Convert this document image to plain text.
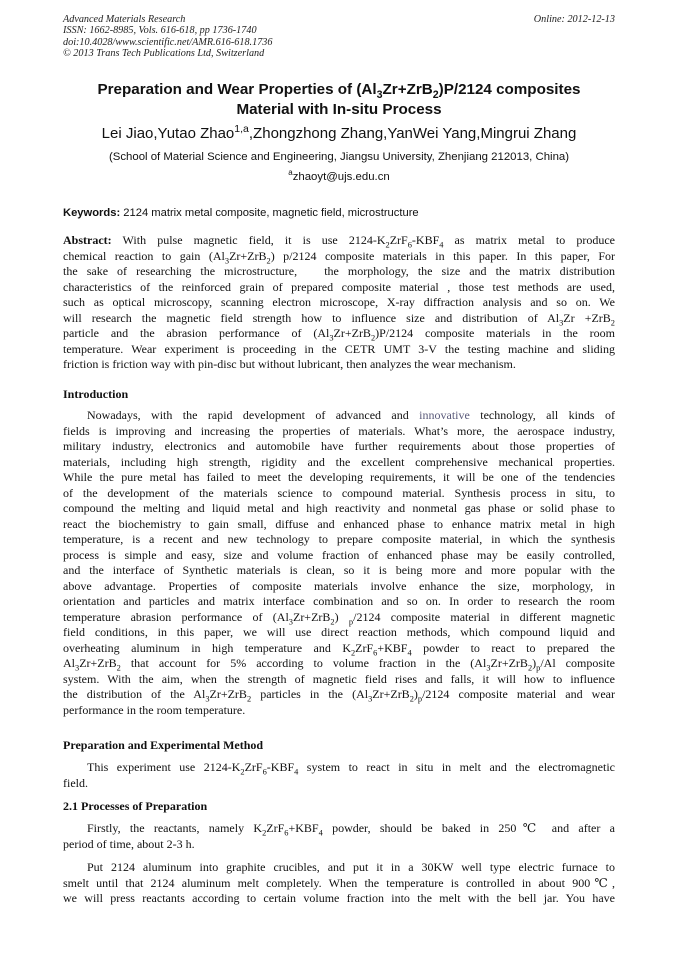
Advanced Materials Research
ISSN: 1662-8985, Vols. 616-618, pp 1736-1740
doi:10.4028/www.scientific.net/AMR.616-618.1736
© 2013 Trans Tech Publications Ltd, Switzerland
Online: 2012-12-13
Preparation and Wear Properties of $(Al_3Zr+ZrB_2)P/2124$ composites
Material with In-situ Process
Lei Jiao,Yutao Zhao$^{1,a}$,Zhongzhong Zhang,YanWei Yang,Mingrui Zhang
(School of Material Science and Engineering, Jiangsu University, Zhenjiang 212013, China)
$^a$zhaoyt@ujs.edu.cn
Keywords: 2124 matrix metal composite, magnetic field, microstructure
Abstract: With pulse magnetic field, it is use $2124-K_2ZrF_6-KBF_4$ as matrix metal to produce
chemical reaction to gain $(Al_3Zr+ZrB_2)$ p/2124 composite materials in this paper. In this paper, For
the sake of researching the microstructure,   the morphology, the size and the matrix distribution
characteristics of the reinforced grain of prepared composite material , those test methods are used,
such as optical microscopy, scanning electron microscope, X-ray diffraction analysis and so on. We
will research the magnetic field strength how to influence size and distribution of $Al_3Zr +ZrB_2$
particle and the abrasion performance of $(Al_3Zr+ZrB_2)P/2124$ composite materials in the room
temperature. Wear experiment is proceeding in the CETR UMT 3-V the testing machine and sliding
friction is friction way with pin-disc but without lubricant, then analyzes the wear mechanism.
Introduction
Nowadays, with the rapid development of advanced and innovative technology, all kinds of
fields is improving and increasing the properties of materials. What’s more, the aerospace industry,
military industry, electronics and automobile have further requirements about those properties of
materials, including high strength, rigidity and the excellent comprehensive mechanical properties.
While the pure metal has failed to meet the developing requirements, it will be one of the tendencies
of the development of the materials science to compound material. Synthesis process in situ, to
compound the melting and liquid metal and high reactivity and nonmetal gas phase or solid phase to
react the biochemistry to gain small, diffuse and enhanced phase to enhance matrix metal in high
temperature, is a recent and new technology to prepare composite material, in which the synthesis
process is simple and easy, size and volume fraction of enhanced phase may be easily controlled,
and the interface of Synthetic materials is clean, so it is being more and more popular with the
above advantage. Properties of composite materials involve enhance the size, morphology, in
orientation and particles and matrix interface combination and so on. In order to research the room
temperature abrasion performance of $(Al_3Zr+ZrB_2)$ $_p$/2124 composite material in different magnetic
field conditions, in this paper, we will use direct reaction methods, which compound liquid and
overheating aluminum in high temperature and $K_2ZrF_6+KBF_4$ powder to react to prepared the
$Al_3Zr+ZrB_2$ that account for 5% according to volume fraction in the $(Al_3Zr+ZrB_2)_p/Al$ composite
system. With the aim, when the strength of magnetic field rises and falls, it will how to influence
the distribution of the $Al_3Zr+ZrB_2$ particles in the $(Al_3Zr+ZrB_2)_p/2124$ composite material and wear
performance in the room temperature.
Preparation and Experimental Method
This experiment use $2124-K_2ZrF_6-KBF_4$ system to react in situ in melt and the electromagnetic
field.
2.1 Processes of Preparation
Firstly, the reactants, namely $K_2ZrF_6+KBF_4$ powder, should be baked in 250℃ and after a
period of time, about 2-3 h.
Put 2124 aluminum into graphite crucibles, and put it in a 30KW well type electric furnace to
smelt until that 2124 aluminum melt completely. When the temperature is controlled in about 900℃,
we will press reactants according to certain volume fraction into the melt with the bell jar. You have
